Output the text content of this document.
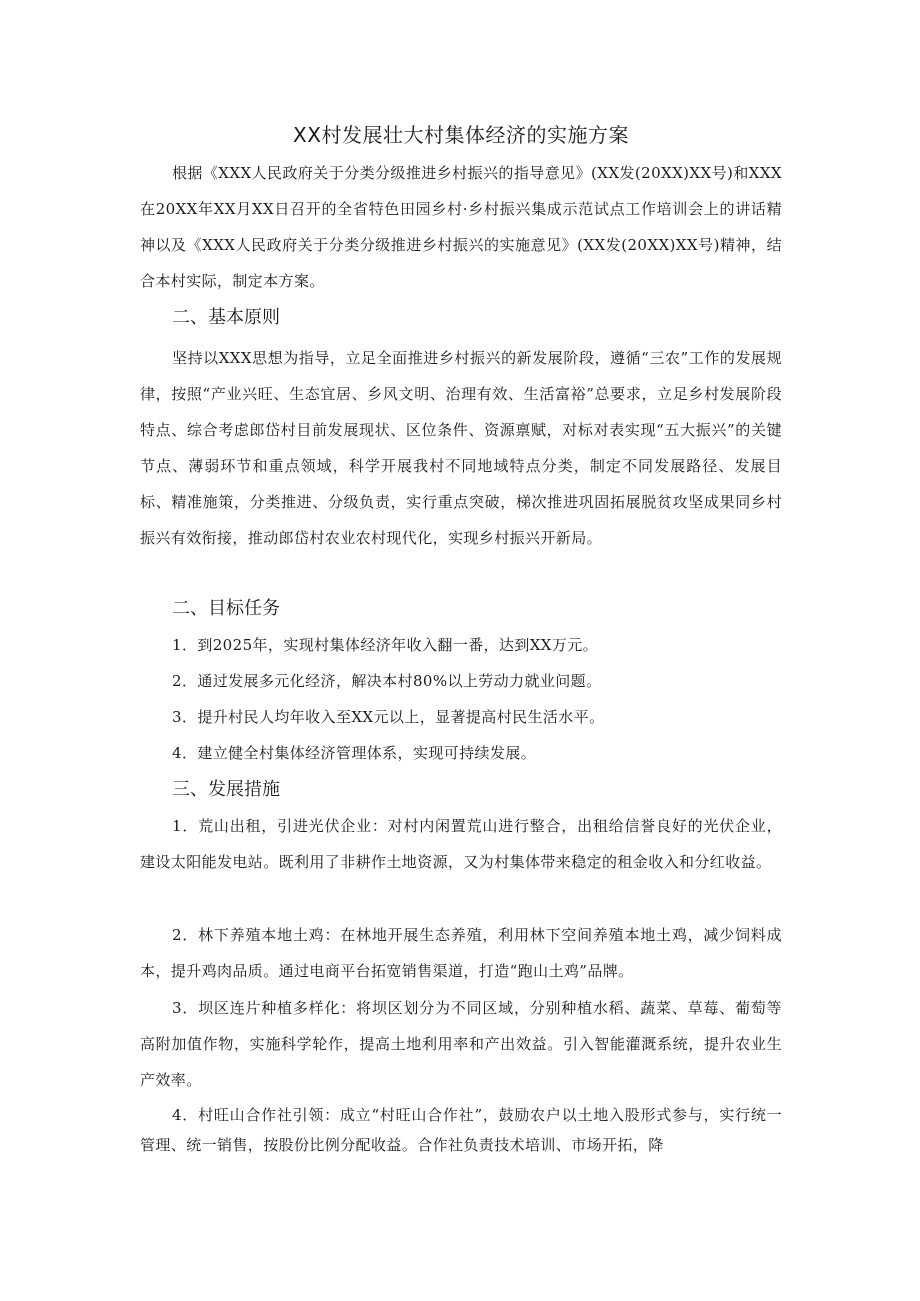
XX村发展壮大村集体经济的实施方案

根据《XXX人民政府关于分类分级推进乡村振兴的指导意见》(XX发(20XX)XX号)和XXX在20XX年XX月XX日召开的全省特色田园乡村·乡村振兴集成示范试点工作培训会上的讲话精神以及《XXX人民政府关于分类分级推进乡村振兴的实施意见》(XX发(20XX)XX号)精神，结合本村实际，制定本方案。

二、基本原则

坚持以XXX思想为指导，立足全面推进乡村振兴的新发展阶段，遵循“三农”工作的发展规律，按照“产业兴旺、生态宜居、乡风文明、治理有效、生活富裕”总要求，立足乡村发展阶段特点、综合考虑郎岱村目前发展现状、区位条件、资源禀赋，对标对表实现“五大振兴”的关键节点、薄弱环节和重点领域，科学开展我村不同地域特点分类，制定不同发展路径、发展目标、精准施策，分类推进、分级负责，实行重点突破，梯次推进巩固拓展脱贫攻坚成果同乡村振兴有效衔接，推动郎岱村农业农村现代化，实现乡村振兴开新局。

二、目标任务
1．到2025年，实现村集体经济年收入翻一番，达到XX万元。
2．通过发展多元化经济，解决本村80%以上劳动力就业问题。
3．提升村民人均年收入至XX元以上，显著提高村民生活水平。
4．建立健全村集体经济管理体系，实现可持续发展。
三、发展措施

1．荒山出租，引进光伏企业：对村内闲置荒山进行整合，出租给信誉良好的光伏企业，建设太阳能发电站。既利用了非耕作土地资源，又为村集体带来稳定的租金收入和分红收益。

2．林下养殖本地土鸡：在林地开展生态养殖，利用林下空间养殖本地土鸡，减少饲料成本，提升鸡肉品质。通过电商平台拓宽销售渠道，打造“跑山土鸡”品牌。

3．坝区连片种植多样化：将坝区划分为不同区域，分别种植水稻、蔬菜、草莓、葡萄等高附加值作物，实施科学轮作，提高土地利用率和产出效益。引入智能灌溉系统，提升农业生产效率。

4．村旺山合作社引领：成立“村旺山合作社”，鼓励农户以土地入股形式参与，实行统一管理、统一销售，按股份比例分配收益。合作社负责技术培训、市场开拓，降
